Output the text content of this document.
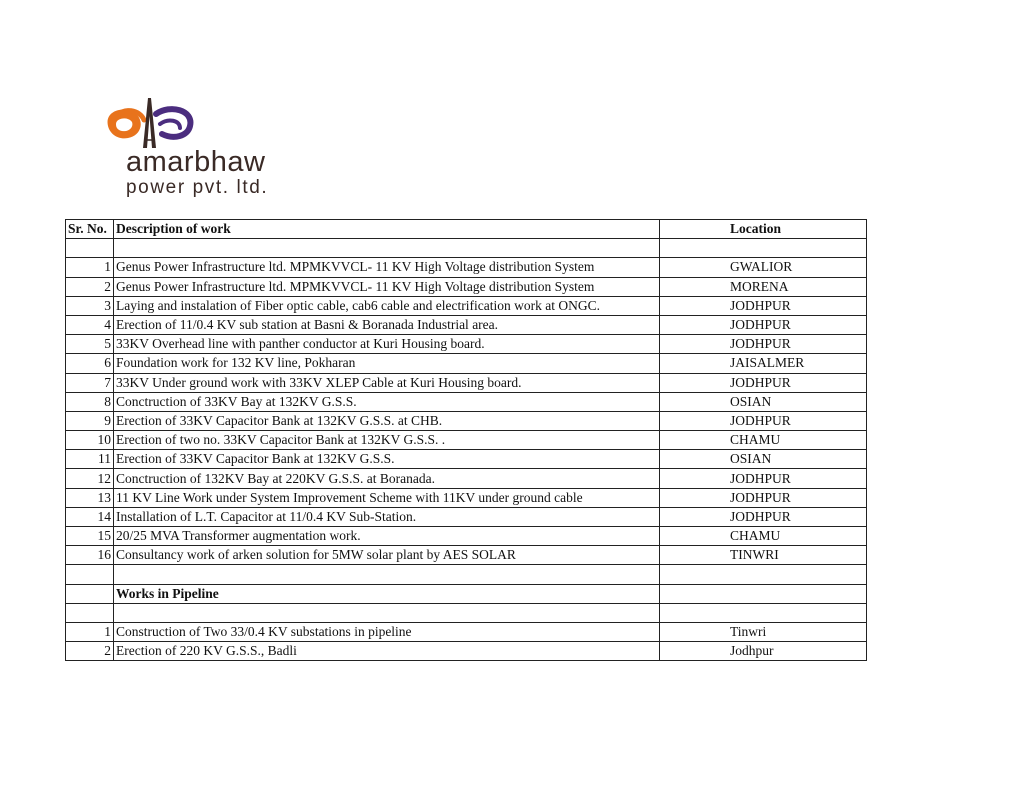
amarbhaw
power pvt. ltd.
Sr. No.	Description of work	Location

1	Genus Power Infrastructure ltd. MPMKVVCL- 11 KV High Voltage distribution System	GWALIOR
2	Genus Power Infrastructure ltd. MPMKVVCL- 11 KV High Voltage distribution System	MORENA
3	Laying and instalation of Fiber optic cable, cab6 cable and electrification work at ONGC.	JODHPUR
4	Erection of 11/0.4 KV sub station at Basni & Boranada Industrial area.	JODHPUR
5	33KV Overhead line with panther conductor at Kuri Housing board.	JODHPUR
6	Foundation work for 132 KV line, Pokharan	JAISALMER
7	33KV Under ground work with 33KV XLEP Cable at Kuri Housing board.	JODHPUR
8	Conctruction of 33KV Bay at 132KV G.S.S.	OSIAN
9	Erection of 33KV Capacitor Bank at 132KV G.S.S. at CHB.	JODHPUR
10	Erection of two no. 33KV Capacitor Bank at 132KV G.S.S. .	CHAMU
11	Erection of 33KV Capacitor Bank at 132KV G.S.S.	OSIAN
12	Conctruction of 132KV Bay at 220KV G.S.S. at Boranada.	JODHPUR
13	11 KV Line Work under System Improvement Scheme with 11KV under ground cable	JODHPUR
14	Installation of L.T. Capacitor at 11/0.4 KV Sub-Station.	JODHPUR
15	20/25 MVA Transformer augmentation work.	CHAMU
16	Consultancy work of arken solution for 5MW solar plant by AES SOLAR	TINWRI

	Works in Pipeline	

1	Construction of Two 33/0.4 KV substations in pipeline	Tinwri
2	Erection of 220 KV G.S.S., Badli	Jodhpur
